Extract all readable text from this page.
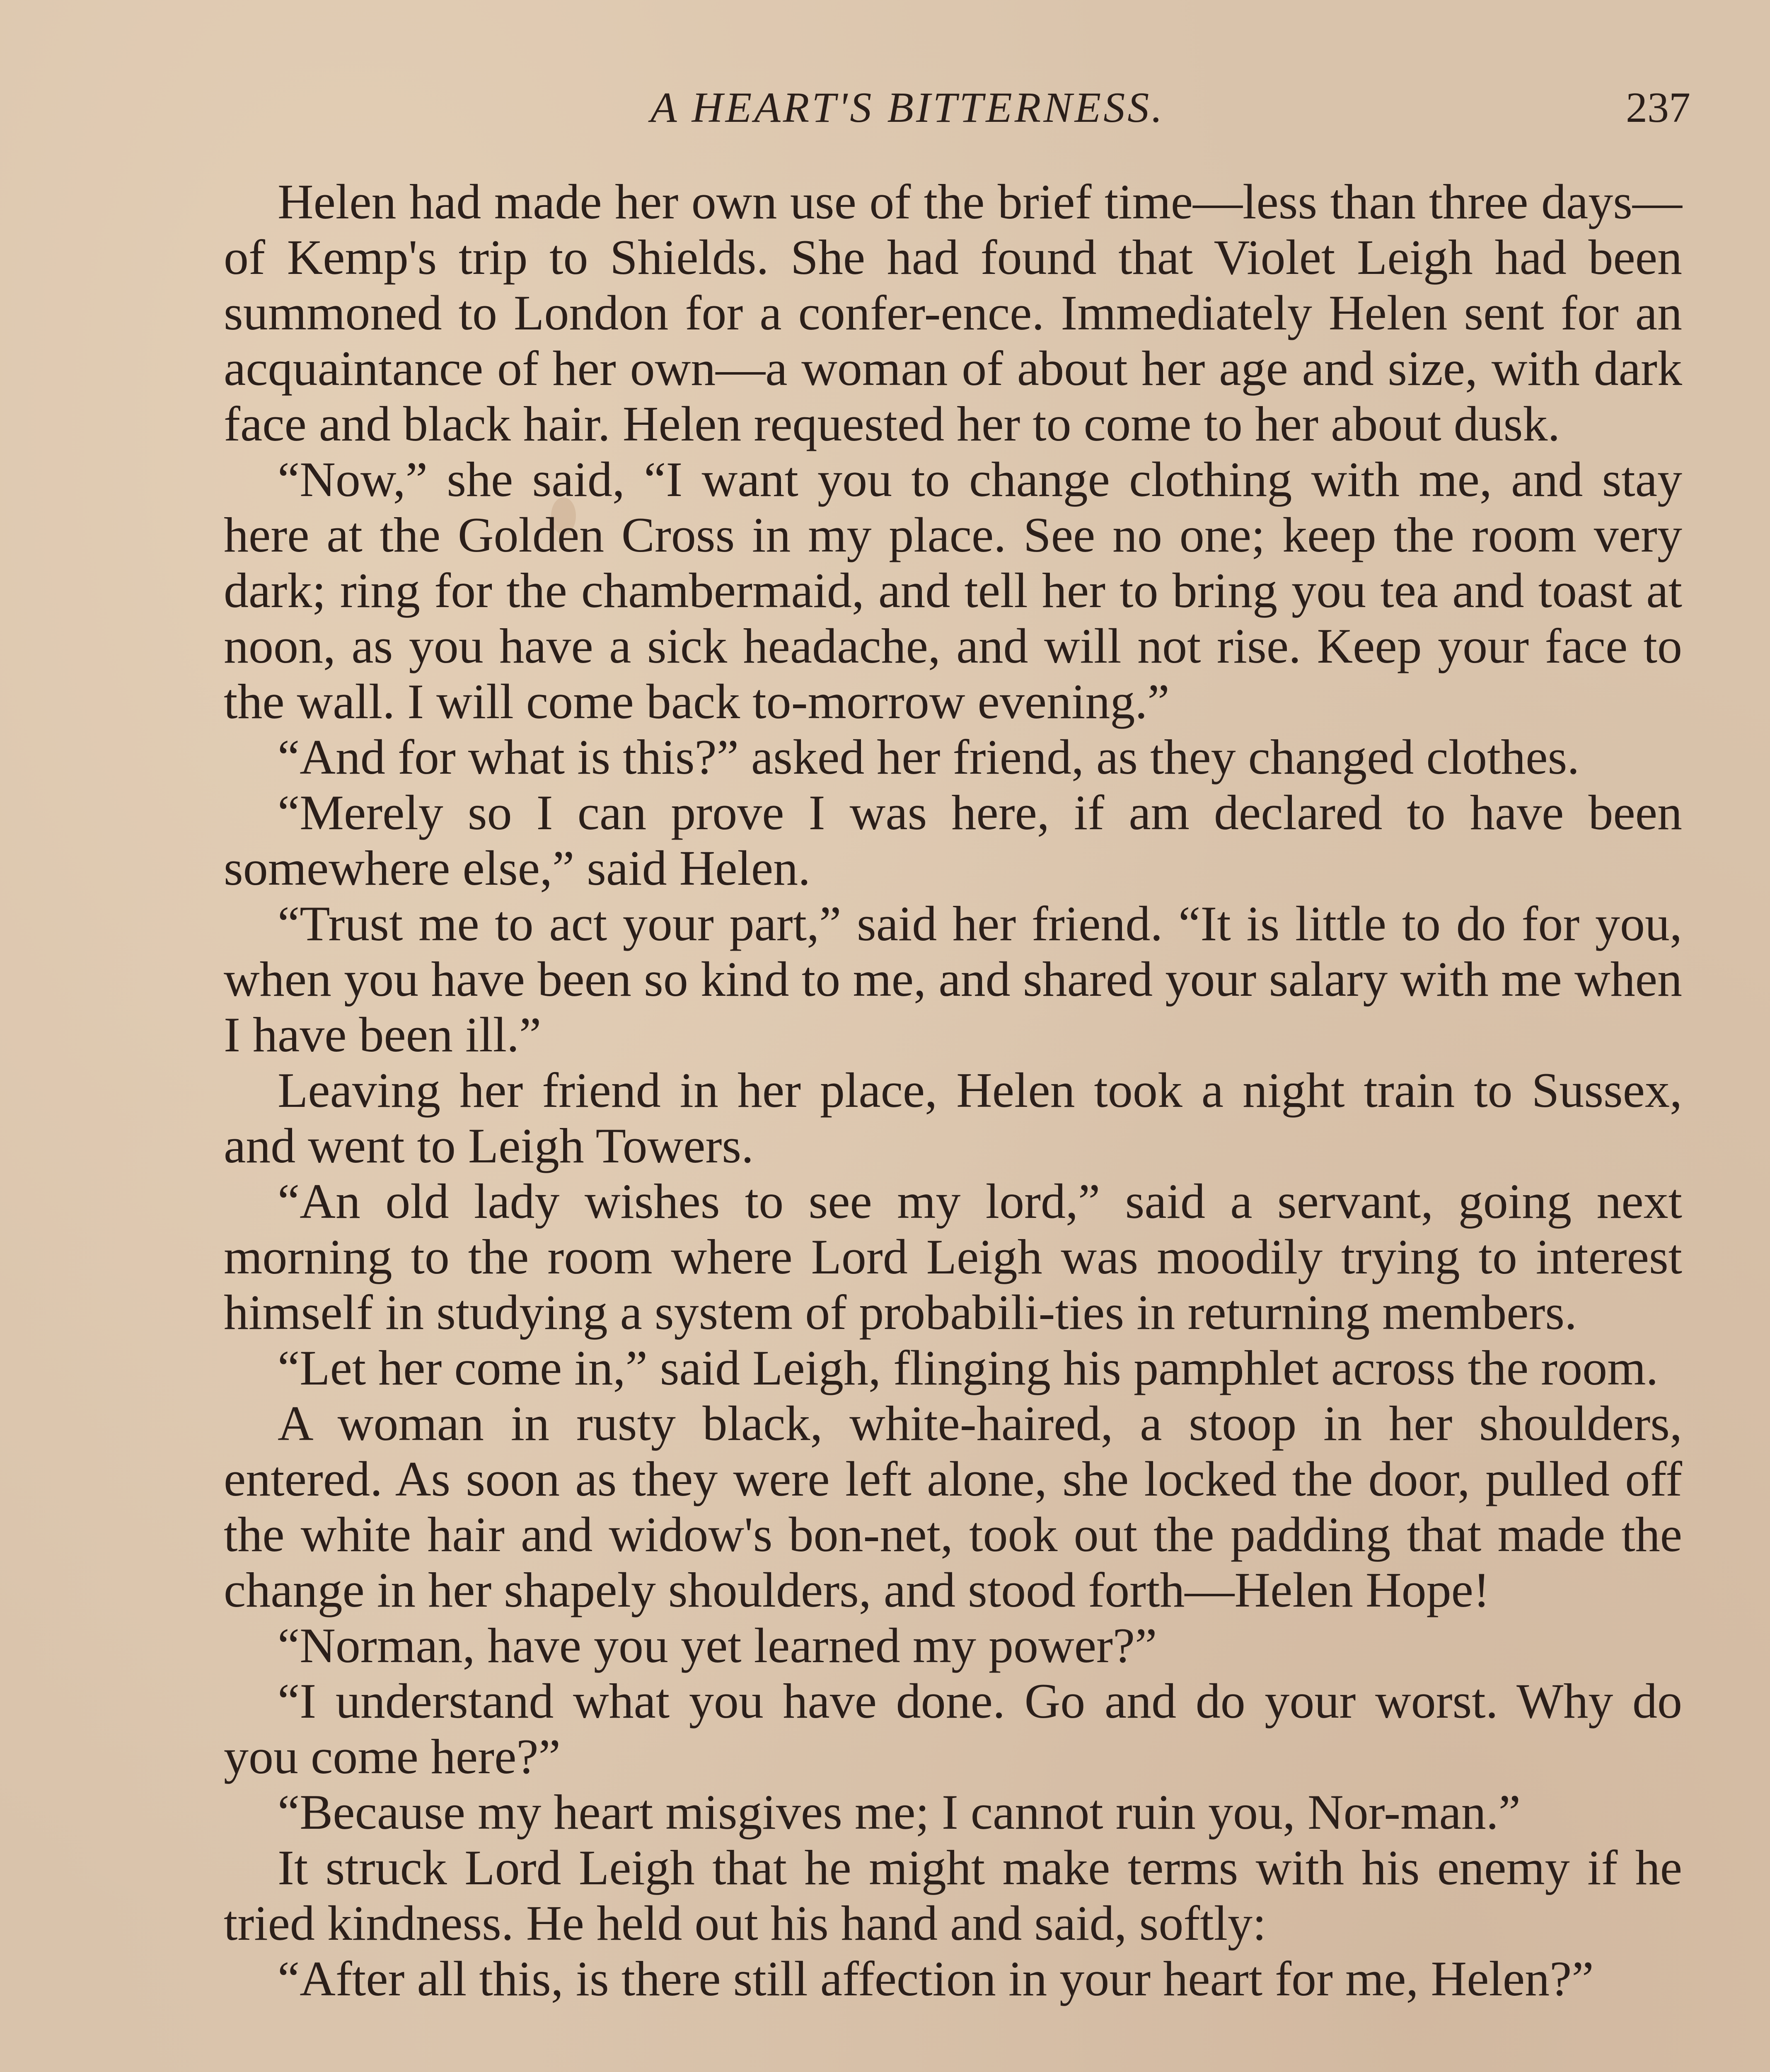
A HEART'S BITTERNESS.	237

Helen had made her own use of the brief time—less than three days—of Kemp's trip to Shields. She had found that Violet Leigh had been summoned to London for a confer-ence. Immediately Helen sent for an acquaintance of her own—a woman of about her age and size, with dark face and black hair. Helen requested her to come to her about dusk.

“Now,” she said, “I want you to change clothing with me, and stay here at the Golden Cross in my place. See no one; keep the room very dark; ring for the chambermaid, and tell her to bring you tea and toast at noon, as you have a sick headache, and will not rise. Keep your face to the wall. I will come back to-morrow evening.”

“And for what is this?” asked her friend, as they changed clothes.

“Merely so I can prove I was here, if am declared to have been somewhere else,” said Helen.

“Trust me to act your part,” said her friend. “It is little to do for you, when you have been so kind to me, and shared your salary with me when I have been ill.”

Leaving her friend in her place, Helen took a night train to Sussex, and went to Leigh Towers.

“An old lady wishes to see my lord,” said a servant, going next morning to the room where Lord Leigh was moodily trying to interest himself in studying a system of probabili-ties in returning members.

“Let her come in,” said Leigh, flinging his pamphlet across the room.

A woman in rusty black, white-haired, a stoop in her shoulders, entered. As soon as they were left alone, she locked the door, pulled off the white hair and widow's bon-net, took out the padding that made the change in her shapely shoulders, and stood forth—Helen Hope!

“Norman, have you yet learned my power?”

“I understand what you have done. Go and do your worst. Why do you come here?”

“Because my heart misgives me; I cannot ruin you, Nor-man.”

It struck Lord Leigh that he might make terms with his enemy if he tried kindness. He held out his hand and said, softly:

“After all this, is there still affection in your heart for me, Helen?”
